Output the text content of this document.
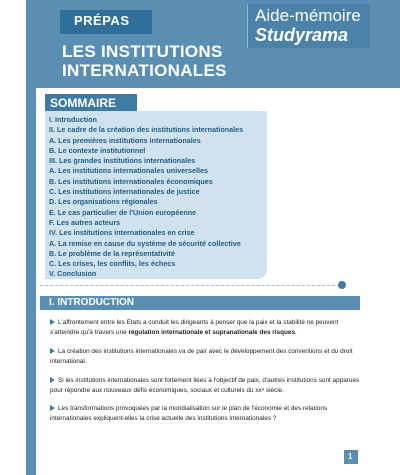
PRÉPAS	Aide-mémoire
Studyrama
LES INSTITUTIONS
INTERNATIONALES
SOMMAIRE
I. Introduction
II. Le cadre de la création des institutions internationales
A. Les premières institutions internationales
B. Le contexte institutionnel
III. Les grandes institutions internationales
A. Les institutions internationales universelles
B. Les institutions internationales économiques
C. Les institutions internationales de justice
D. Les organisations régionales
E. Le cas particulier de l'Union européenne
F. Les autres acteurs
IV. Les institutions internationales en crise
A. La remise en cause du système de sécurité collective
B. Le problème de la représentativité
C. Les crises, les conflits, les échecs
V. Conclusion
I. INTRODUCTION
L'affrontement entre les Etats a conduit les dirigeants à penser que la paix et la stabilité ne peuvent s'atteindre qu'à travers une régulation internationale et supranationale des risques.
La création des institutions internationales va de pair avec le développement des conventions et du droit international.
Si les institutions internationales sont fortement liées à l'objectif de paix, d'autres institutions sont apparues pour répondre aux nouveaux défis économiques, sociaux et culturels du xxᵉ siècle.
Les transformations provoquées par la mondialisation sur le plan de l'économie et des relations internationales expliquent-elles la crise actuelle des institutions internationales ?
1
